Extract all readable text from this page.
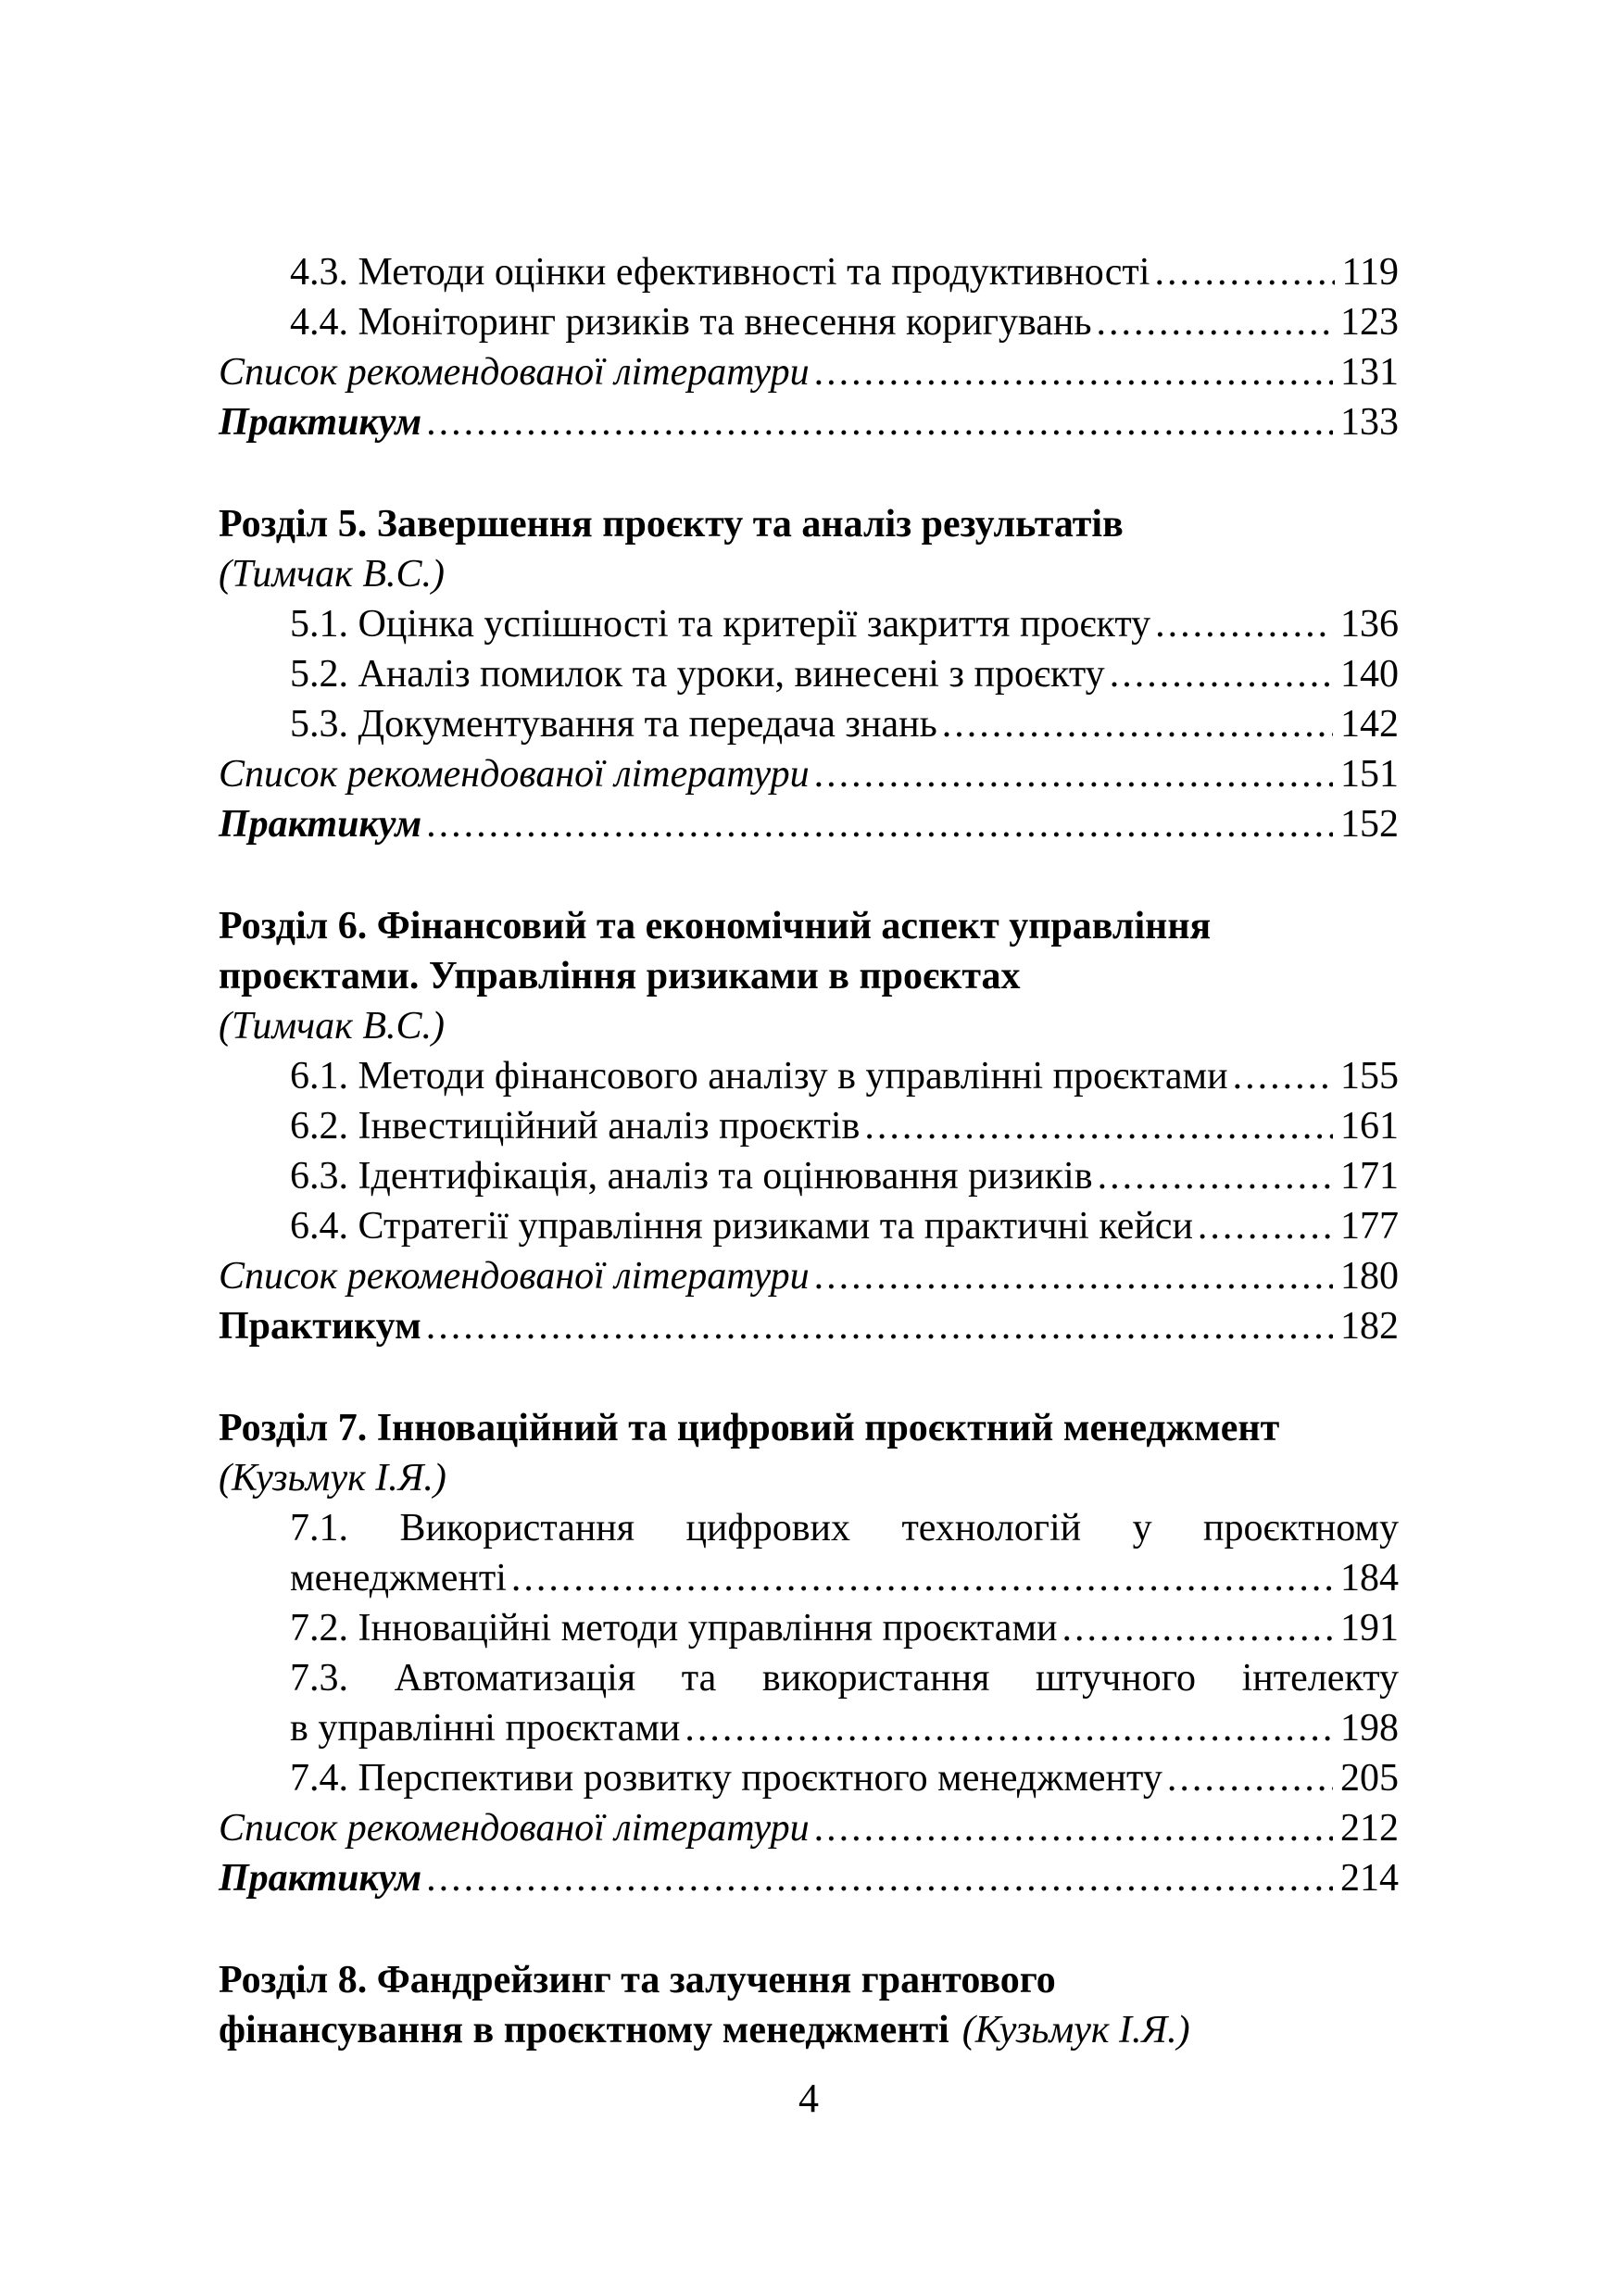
4.3. Методи оцінки ефективності та продуктивності .....	119
4.4. Моніторинг ризиків та внесення коригувань .....	123
Список рекомендованої літератури .....	131
Практикум .....	133
Розділ 5. Завершення проєкту та аналіз результатів
(Тимчак В.С.)
5.1. Оцінка успішності та критерії закриття проєкту .....	136
5.2. Аналіз помилок та уроки, винесені з проєкту .....	140
5.3. Документування та передача знань .....	142
Список рекомендованої літератури .....	151
Практикум .....	152
Розділ 6. Фінансовий та економічний аспект управління
проєктами. Управління ризиками в проєктах
(Тимчак В.С.)
6.1. Методи фінансового аналізу в управлінні проєктами .....	155
6.2. Інвестиційний аналіз проєктів .....	161
6.3. Ідентифікація, аналіз та оцінювання ризиків .....	171
6.4. Стратегії управління ризиками та практичні кейси .....	177
Список рекомендованої літератури .....	180
Практикум .....	182
Розділ 7. Інноваційний та цифровий проєктний менеджмент
(Кузьмук І.Я.)
7.1. Використання цифрових технологій у проєктному
менеджменті .....	184
7.2. Інноваційні методи управління проєктами .....	191
7.3. Автоматизація та використання штучного інтелекту
в управлінні проєктами .....	198
7.4. Перспективи розвитку проєктного менеджменту .....	205
Список рекомендованої літератури .....	212
Практикум .....	214
Розділ 8. Фандрейзинг та залучення грантового
фінансування в проєктному менеджменті (Кузьмук І.Я.)
4
